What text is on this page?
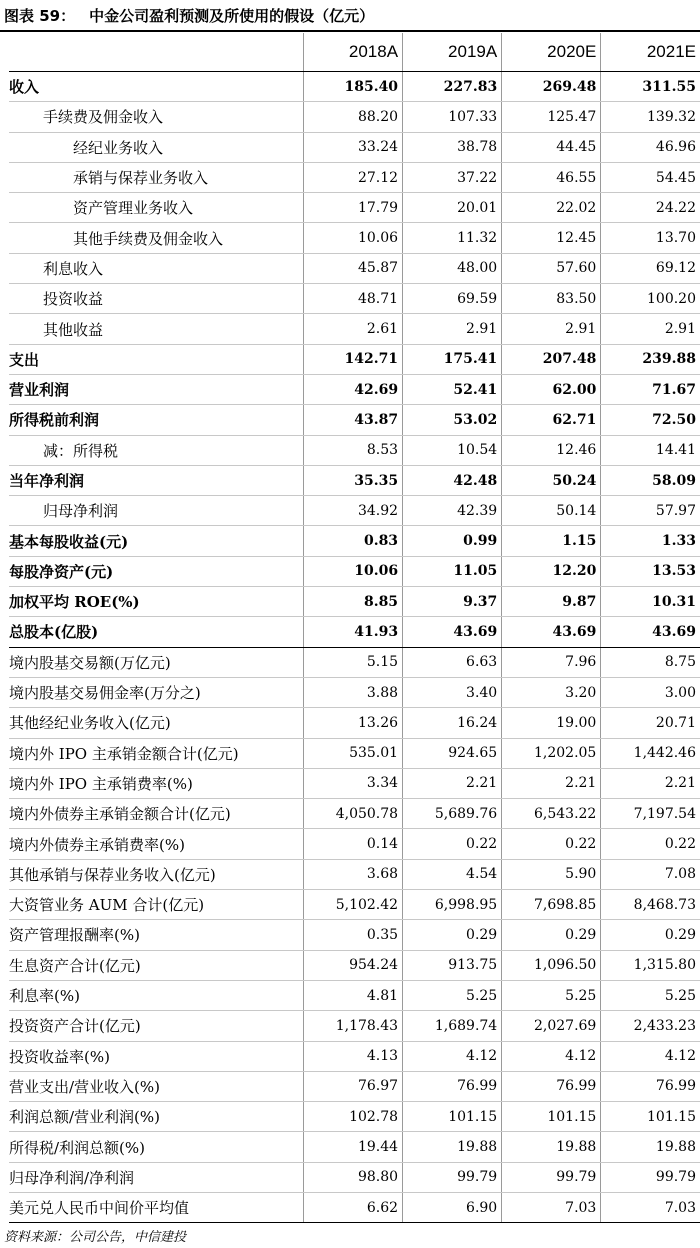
图表 59： 中金公司盈利预测及所使用的假设（亿元）
	2018A	2019A	2020E	2021E
收入	185.40	227.83	269.48	311.55
手续费及佣金收入	88.20	107.33	125.47	139.32
经纪业务收入	33.24	38.78	44.45	46.96
承销与保荐业务收入	27.12	37.22	46.55	54.45
资产管理业务收入	17.79	20.01	22.02	24.22
其他手续费及佣金收入	10.06	11.32	12.45	13.70
利息收入	45.87	48.00	57.60	69.12
投资收益	48.71	69.59	83.50	100.20
其他收益	2.61	2.91	2.91	2.91
支出	142.71	175.41	207.48	239.88
营业利润	42.69	52.41	62.00	71.67
所得税前利润	43.87	53.02	62.71	72.50
减：所得税	8.53	10.54	12.46	14.41
当年净利润	35.35	42.48	50.24	58.09
归母净利润	34.92	42.39	50.14	57.97
基本每股收益(元)	0.83	0.99	1.15	1.33
每股净资产(元)	10.06	11.05	12.20	13.53
加权平均 ROE(%)	8.85	9.37	9.87	10.31
总股本(亿股)	41.93	43.69	43.69	43.69
境内股基交易额(万亿元)	5.15	6.63	7.96	8.75
境内股基交易佣金率(万分之)	3.88	3.40	3.20	3.00
其他经纪业务收入(亿元)	13.26	16.24	19.00	20.71
境内外 IPO 主承销金额合计(亿元)	535.01	924.65	1,202.05	1,442.46
境内外 IPO 主承销费率(%)	3.34	2.21	2.21	2.21
境内外债券主承销金额合计(亿元)	4,050.78	5,689.76	6,543.22	7,197.54
境内外债券主承销费率(%)	0.14	0.22	0.22	0.22
其他承销与保荐业务收入(亿元)	3.68	4.54	5.90	7.08
大资管业务 AUM 合计(亿元)	5,102.42	6,998.95	7,698.85	8,468.73
资产管理报酬率(%)	0.35	0.29	0.29	0.29
生息资产合计(亿元)	954.24	913.75	1,096.50	1,315.80
利息率(%)	4.81	5.25	5.25	5.25
投资资产合计(亿元)	1,178.43	1,689.74	2,027.69	2,433.23
投资收益率(%)	4.13	4.12	4.12	4.12
营业支出/营业收入(%)	76.97	76.99	76.99	76.99
利润总额/营业利润(%)	102.78	101.15	101.15	101.15
所得税/利润总额(%)	19.44	19.88	19.88	19.88
归母净利润/净利润	98.80	99.79	99.79	99.79
美元兑人民币中间价平均值	6.62	6.90	7.03	7.03
资料来源：公司公告，中信建投
